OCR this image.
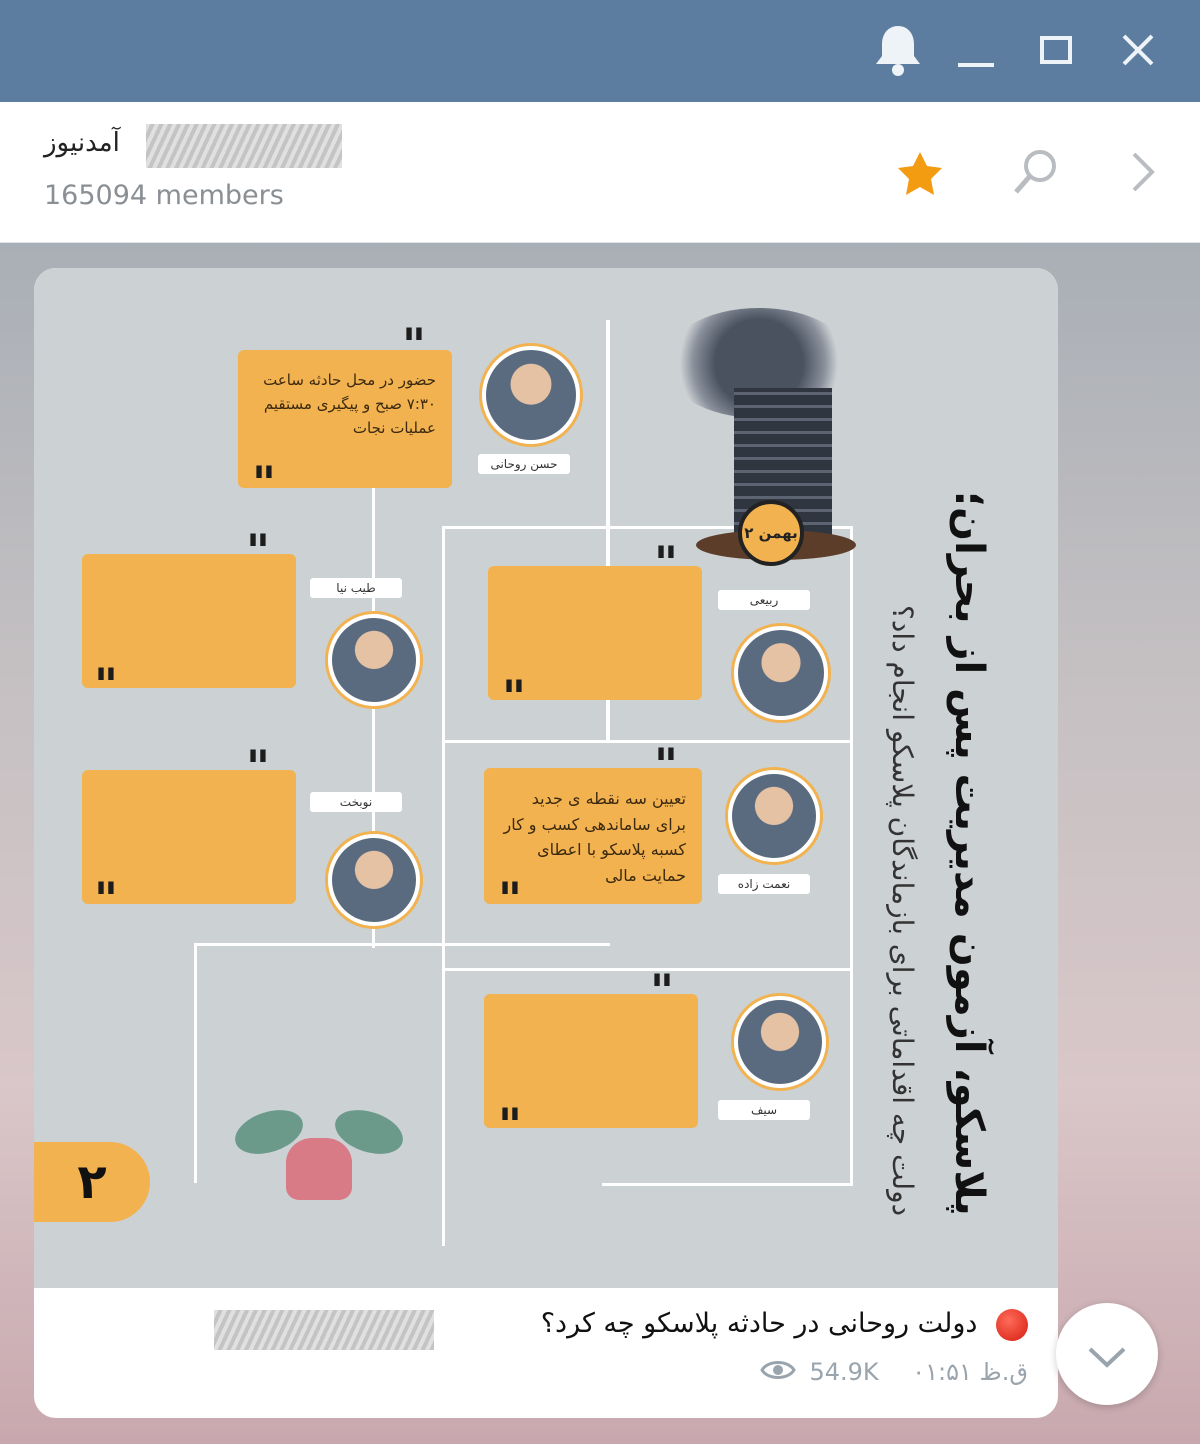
آمدنیوز
165094 members
پلاسکو، آزمون مدیریت پس از بحران؛
دولت چه اقداماتی برای بازماندگان پلاسکو انجام داد؟
۲ بهمن
حضور در محل حادثه ساعت ۷:۳۰ صبح و پیگیری مستقیم عملیات نجات
"
"	حسن روحانی
"
"
طیب نیا	"
"
ربیعی
"
"
نوبخت	تعیین سه نقطه ی جدید برای ساماندهی کسب و کار کسبه پلاسکو با اعطای حمایت مالی
"
"	نعمت زاده
"
"	سیف
۲
دولت روحانی در حادثه پلاسکو چه کرد؟
ق.ظ ۰۱:۵۱ 54.9K
